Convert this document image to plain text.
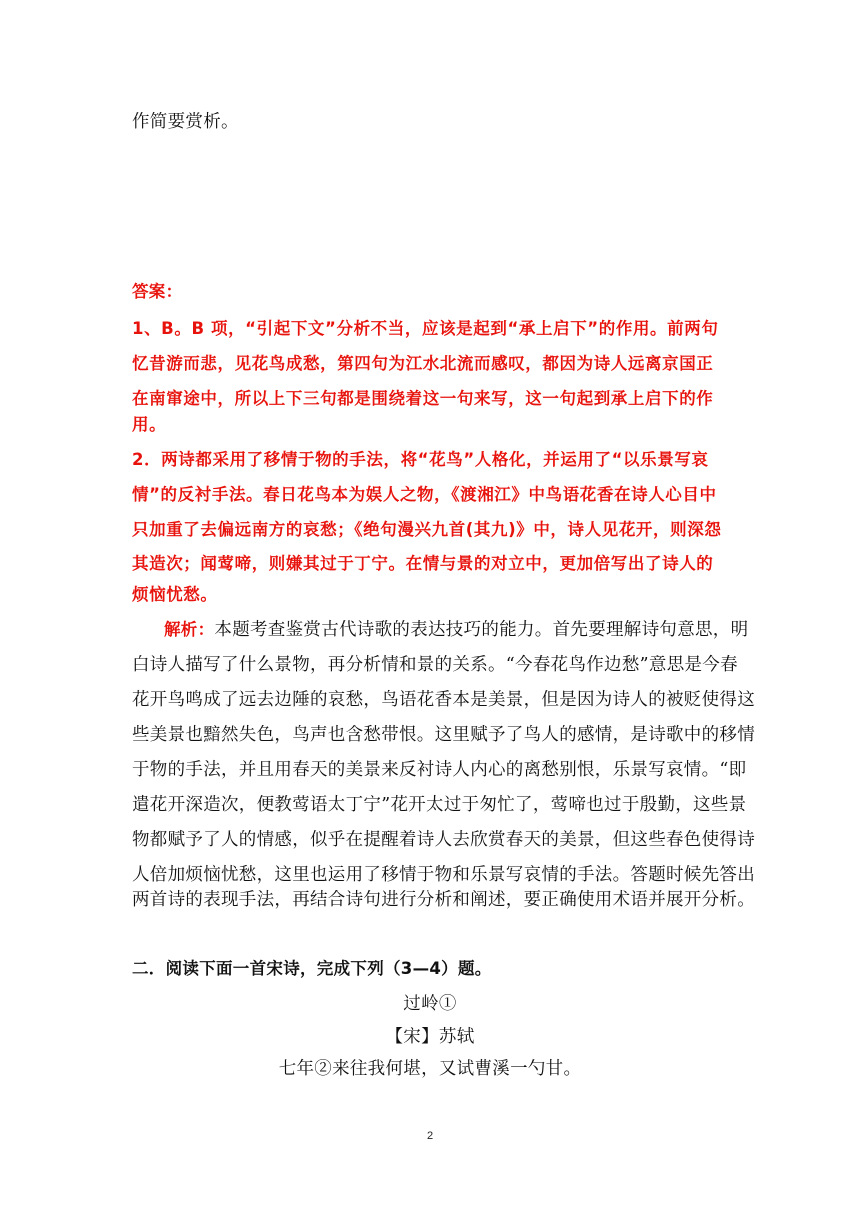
作简要赏析。
答案：
1、B。B 项，“引起下文”分析不当，应该是起到“承上启下”的作用。前两句
忆昔游而悲，见花鸟成愁，第四句为江水北流而感叹，都因为诗人远离京国正
在南窜途中，所以上下三句都是围绕着这一句来写，这一句起到承上启下的作
用。
2．两诗都采用了移情于物的手法，将“花鸟”人格化，并运用了“以乐景写哀
情”的反衬手法。春日花鸟本为娱人之物，《渡湘江》中鸟语花香在诗人心目中
只加重了去偏远南方的哀愁；《绝句漫兴九首(其九)》中，诗人见花开，则深怨
其造次；闻莺啼，则嫌其过于丁宁。在情与景的对立中，更加倍写出了诗人的
烦恼忧愁。
解析：本题考查鉴赏古代诗歌的表达技巧的能力。首先要理解诗句意思，明
白诗人描写了什么景物，再分析情和景的关系。“今春花鸟作边愁”意思是今春
花开鸟鸣成了远去边陲的哀愁，鸟语花香本是美景，但是因为诗人的被贬使得这
些美景也黯然失色，鸟声也含愁带恨。这里赋予了鸟人的感情，是诗歌中的移情
于物的手法，并且用春天的美景来反衬诗人内心的离愁别恨，乐景写哀情。“即
遣花开深造次，便教莺语太丁宁”花开太过于匆忙了，莺啼也过于殷勤，这些景
物都赋予了人的情感，似乎在提醒着诗人去欣赏春天的美景，但这些春色使得诗
人倍加烦恼忧愁，这里也运用了移情于物和乐景写哀情的手法。答题时候先答出
两首诗的表现手法，再结合诗句进行分析和阐述，要正确使用术语并展开分析。
二．阅读下面一首宋诗，完成下列（3—4）题。
过岭①
【宋】苏轼
七年②来往我何堪，又试曹溪一勺甘。
2
